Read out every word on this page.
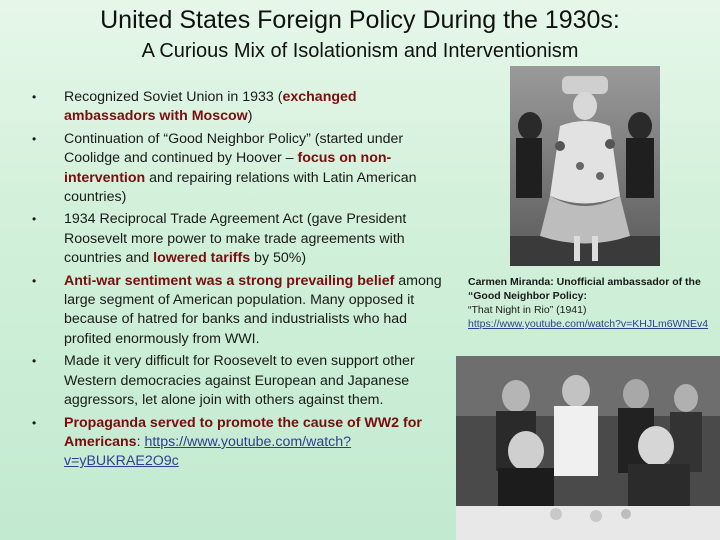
United States Foreign Policy During the 1930s:
A Curious Mix of Isolationism and Interventionism
• Recognized Soviet Union in 1933 (exchanged ambassadors with Moscow)
• Continuation of “Good Neighbor Policy” (started under Coolidge and continued by Hoover – focus on non-intervention and repairing relations with Latin American countries)
• 1934 Reciprocal Trade Agreement Act (gave President Roosevelt more power to make trade agreements with countries and lowered tariffs by 50%)
• Anti-war sentiment was a strong prevailing belief among large segment of American population. Many opposed it because of hatred for banks and industrialists who had profited enormously from WWI.
• Made it very difficult for Roosevelt to even support other Western democracies against European and Japanese aggressors, let alone join with others against them.
• Propaganda served to promote the cause of WW2 for Americans: https://www.youtube.com/watch?v=yBUKRAE2O9c
Carmen Miranda: Unofficial ambassador of the “Good Neighbor Policy:
“That Night in Rio” (1941)
https://www.youtube.com/watch?v=KHJLm6WNEv4
